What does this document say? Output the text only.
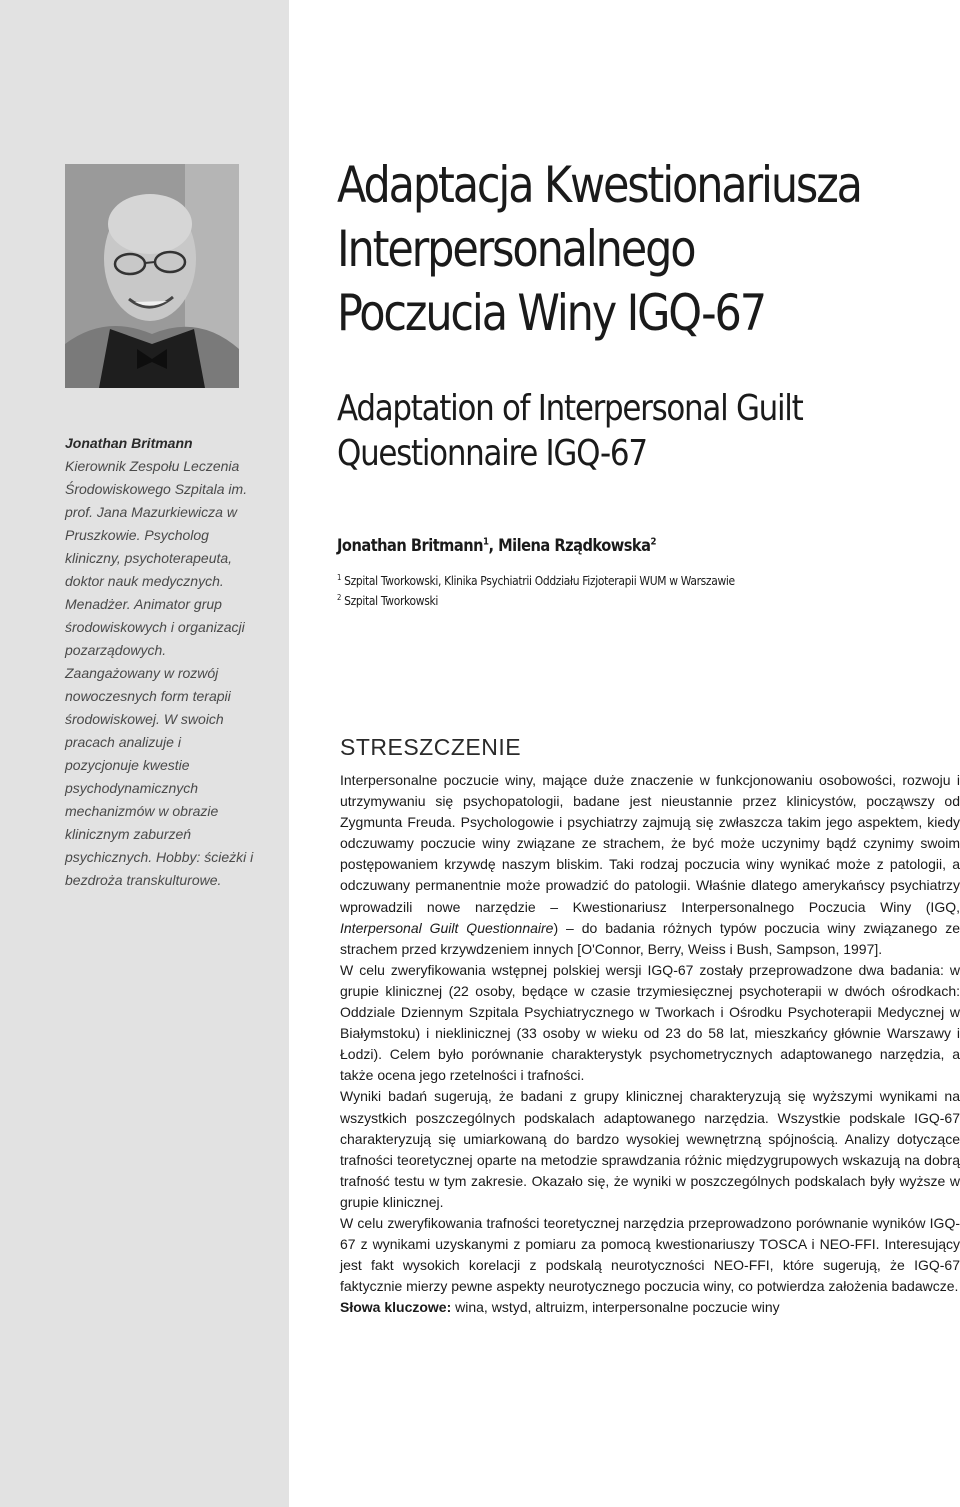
Jonathan Britmann
Kierownik Zespołu Leczenia Środowiskowego Szpitala im. prof. Jana Mazurkiewicza w Pruszkowie. Psycholog kliniczny, psychoterapeuta, doktor nauk medycznych. Menadżer. Animator grup środowiskowych i organizacji pozarządowych. Zaangażowany w rozwój nowoczesnych form terapii środowiskowej. W swoich pracach analizuje i pozycjonuje kwestie psychodynamicznych mechanizmów w obrazie klinicznym zaburzeń psychicznych. Hobby: ścieżki i bezdroża transkulturowe.
Adaptacja Kwestionariusza
Interpersonalnego
Poczucia Winy IGQ-67
Adaptation of Interpersonal Guilt
Questionnaire IGQ-67
Jonathan Britmann$^1$, Milena Rządkowska$^2$
$^1$ Szpital Tworkowski, Klinika Psychiatrii Oddziału Fizjoterapii WUM w Warszawie
$^2$ Szpital Tworkowski
STRESZCZENIE

Interpersonalne poczucie winy, mające duże znaczenie w funkcjonowaniu osobowości, rozwoju i utrzymywaniu się psychopatologii, badane jest nieustannie przez klinicystów, począwszy od Zygmunta Freuda. Psychologowie i psychiatrzy zajmują się zwłaszcza takim jego aspektem, kiedy odczuwamy poczucie winy związane ze strachem, że być może uczynimy bądź czynimy swoim postępowaniem krzywdę naszym bliskim. Taki rodzaj poczucia winy wynikać może z patologii, a odczuwany permanentnie może prowadzić do patologii. Właśnie dlatego amerykańscy psychiatrzy wprowadzili nowe narzędzie – Kwestionariusz Interpersonalnego Poczucia Winy (IGQ, Interpersonal Guilt Questionnaire) – do badania różnych typów poczucia winy związanego ze strachem przed krzywdzeniem innych [O'Connor, Berry, Weiss i Bush, Sampson, 1997].

W celu zweryfikowania wstępnej polskiej wersji IGQ-67 zostały przeprowadzone dwa badania: w grupie klinicznej (22 osoby, będące w czasie trzymiesięcznej psychoterapii w dwóch ośrodkach: Oddziale Dziennym Szpitala Psychiatrycznego w Tworkach i Ośrodku Psychoterapii Medycznej w Białymstoku) i nieklinicznej (33 osoby w wieku od 23 do 58 lat, mieszkańcy głównie Warszawy i Łodzi). Celem było porównanie charakterystyk psychometrycznych adaptowanego narzędzia, a także ocena jego rzetelności i trafności.

Wyniki badań sugerują, że badani z grupy klinicznej charakteryzują się wyższymi wynikami na wszystkich poszczególnych podskalach adaptowanego narzędzia. Wszystkie podskale IGQ-67 charakteryzują się umiarkowaną do bardzo wysokiej wewnętrzną spójnością. Analizy dotyczące trafności teoretycznej oparte na metodzie sprawdzania różnic międzygrupowych wskazują na dobrą trafność testu w tym zakresie. Okazało się, że wyniki w poszczególnych podskalach były wyższe w grupie klinicznej.

W celu zweryfikowania trafności teoretycznej narzędzia przeprowadzono porównanie wyników IGQ-67 z wynikami uzyskanymi z pomiaru za pomocą kwestionariuszy TOSCA i NEO-FFI. Interesujący jest fakt wysokich korelacji z podskalą neurotyczności NEO-FFI, które sugerują, że IGQ-67 faktycznie mierzy pewne aspekty neurotycznego poczucia winy, co potwierdza założenia badawcze.

Słowa kluczowe: wina, wstyd, altruizm, interpersonalne poczucie winy
